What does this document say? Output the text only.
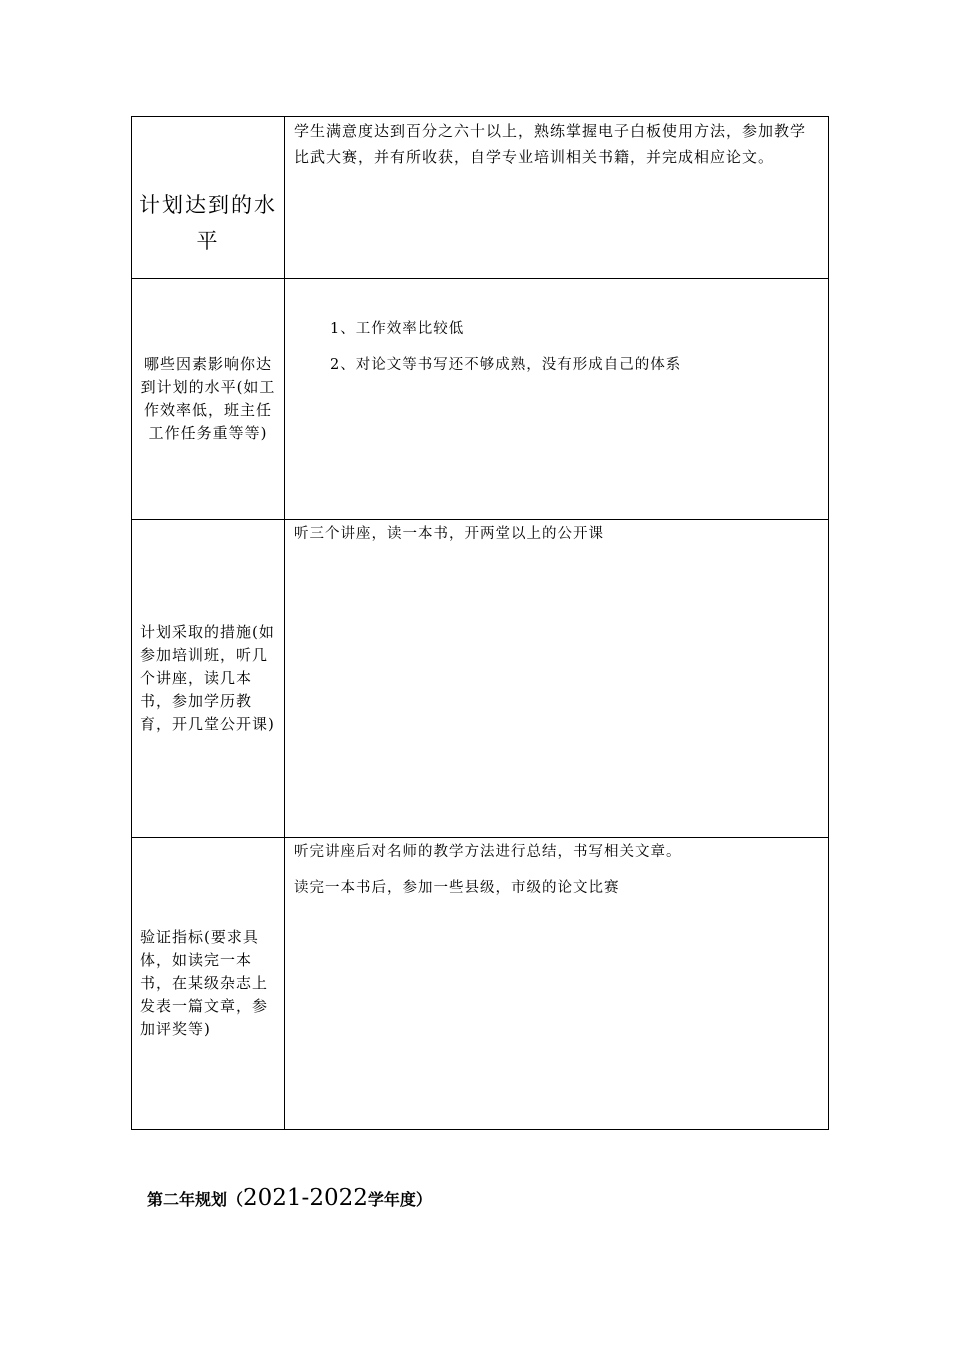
计划达到的水平	学生满意度达到百分之六十以上，熟练掌握电子白板使用方法，参加教学比武大赛，并有所收获，自学专业培训相关书籍，并完成相应论文。

哪些因素影响你达到计划的水平(如工作效率低，班主任工作任务重等等)	1、工作效率比较低

2、对论文等书写还不够成熟，没有形成自己的体系

计划采取的措施(如参加培训班，听几个讲座，读几本书，参加学历教育，开几堂公开课)	听三个讲座，读一本书，开两堂以上的公开课

验证指标(要求具体，如读完一本书，在某级杂志上发表一篇文章，参加评奖等)	听完讲座后对名师的教学方法进行总结，书写相关文章。

读完一本书后，参加一些县级，市级的论文比赛

第二年规划（2021-2022学年度）
